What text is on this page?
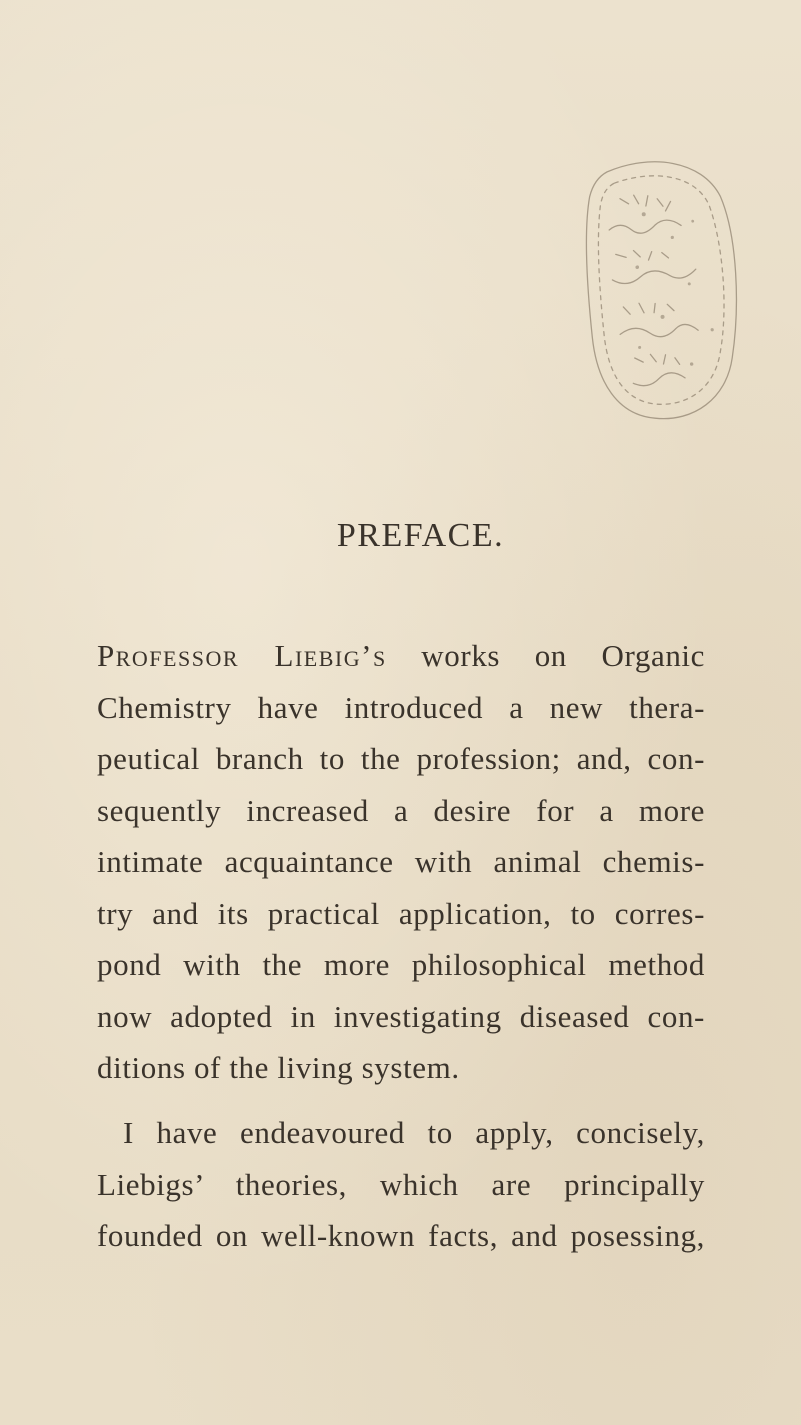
PREFACE.
Professor Liebig’s works on Organic
Chemistry have introduced a new thera-
peutical branch to the profession; and, con-
sequently increased a desire for a more
intimate acquaintance with animal chemis-
try and its practical application, to corres-
pond with the more philosophical method
now adopted in investigating diseased con-
ditions of the living system.
I have endeavoured to apply, concisely,
Liebigs’ theories, which are principally
founded on well-known facts, and posessing,
